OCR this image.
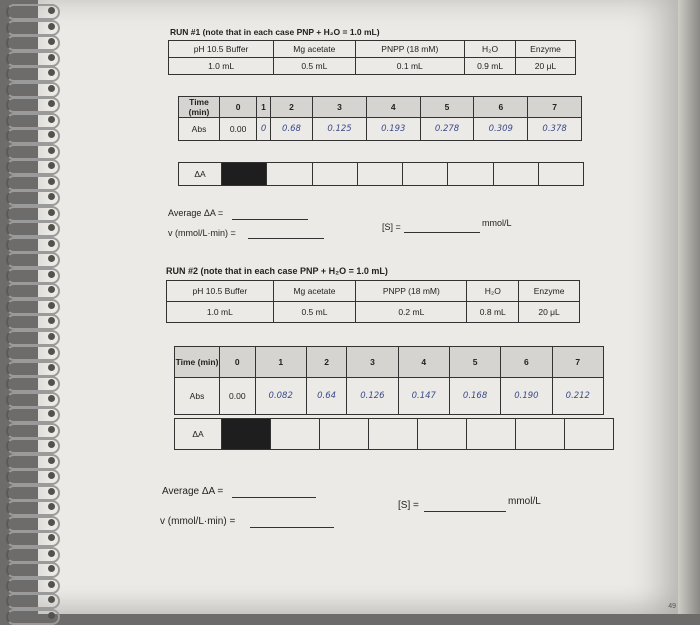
RUN #1 (note that in each case PNP + H₂O = 1.0 mL)
pH 10.5 Buffer	Mg acetate	PNPP (18 mM)	H₂O	Enzyme
1.0 mL	0.5 mL	0.1 mL	0.9 mL	20 μL
Time (min)	0	1	2	3	4	5	6	7
Abs	0.00	0	0.68	0.125	0.193	0.278	0.309	0.378
ΔA								
Average ΔA =
v (mmol/L·min) =
[S] =	mmol/L
RUN #2 (note that in each case PNP + H₂O = 1.0 mL)
pH 10.5 Buffer	Mg acetate	PNPP (18 mM)	H₂O	Enzyme
1.0 mL	0.5 mL	0.2 mL	0.8 mL	20 μL
Time (min)	0	1	2	3	4	5	6	7
Abs	0.00	0.082	0.64	0.126	0.147	0.168	0.190	0.212
ΔA								
Average ΔA =
v (mmol/L·min) =
[S] =	mmol/L
49
